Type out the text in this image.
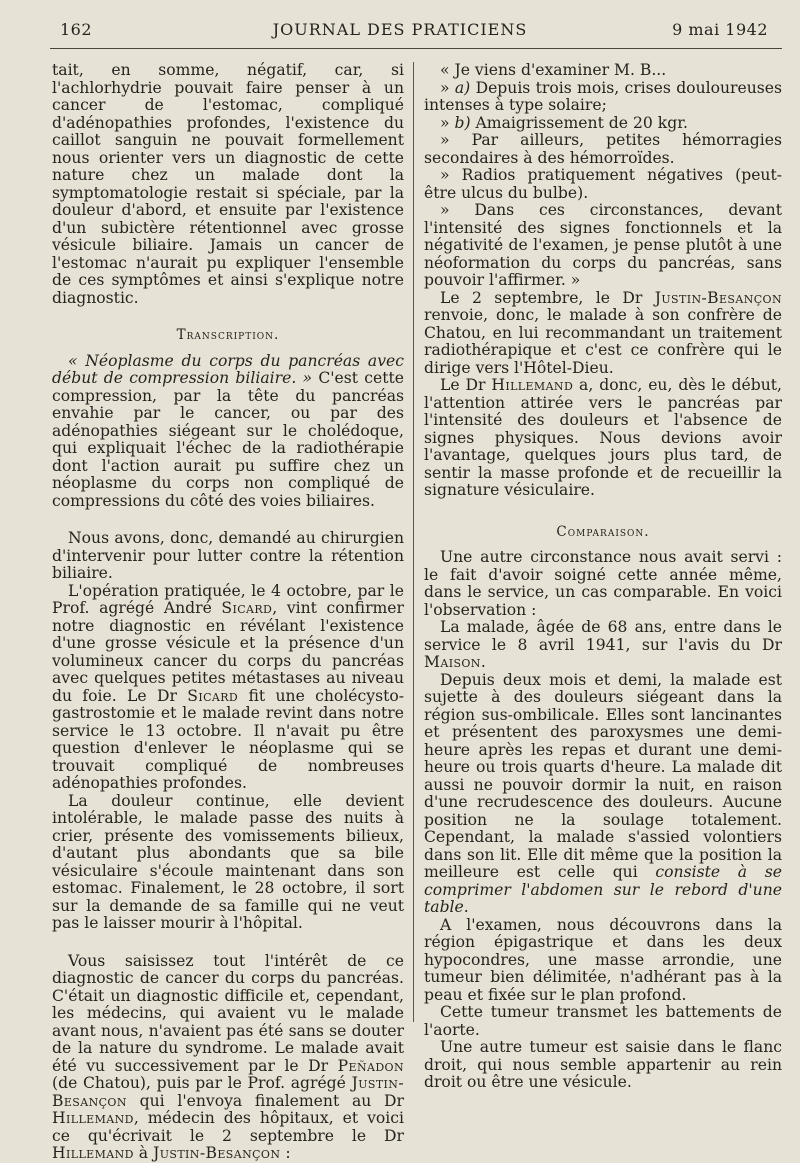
162	JOURNAL DES PRATICIENS	9 mai 1942

tait, en somme, négatif, car, si l'achlorhydrie pouvait faire penser à un cancer de l'estomac, compliqué d'adénopathies profondes, l'existence du caillot sanguin ne pouvait formellement nous orienter vers un diagnostic de cette nature chez un malade dont la symptomatologie restait si spéciale, par la douleur d'abord, et ensuite par l'existence d'un subictère rétentionnel avec grosse vésicule biliaire. Jamais un cancer de l'estomac n'aurait pu expliquer l'ensemble de ces symptômes et ainsi s'explique notre diagnostic.

Transcription.

« Néoplasme du corps du pancréas avec début de compression biliaire. » C'est cette compression, par la tête du pancréas envahie par le cancer, ou par des adénopathies siégeant sur le cholédoque, qui expliquait l'échec de la radiothérapie dont l'action aurait pu suffire chez un néoplasme du corps non compliqué de compressions du côté des voies biliaires.

Nous avons, donc, demandé au chirurgien d'intervenir pour lutter contre la rétention biliaire.

L'opération pratiquée, le 4 octobre, par le Prof. agrégé André Sicard, vint confirmer notre diagnostic en révélant l'existence d'une grosse vésicule et la présence d'un volumineux cancer du corps du pancréas avec quelques petites métastases au niveau du foie. Le Dr Sicard fit une cholécysto-gastrostomie et le malade revint dans notre service le 13 octobre. Il n'avait pu être question d'enlever le néoplasme qui se trouvait compliqué de nombreuses adénopathies profondes.

La douleur continue, elle devient intolérable, le malade passe des nuits à crier, présente des vomissements bilieux, d'autant plus abondants que sa bile vésiculaire s'écoule maintenant dans son estomac. Finalement, le 28 octobre, il sort sur la demande de sa famille qui ne veut pas le laisser mourir à l'hôpital.

Vous saisissez tout l'intérêt de ce diagnostic de cancer du corps du pancréas. C'était un diagnostic difficile et, cependant, les médecins, qui avaient vu le malade avant nous, n'avaient pas été sans se douter de la nature du syndrome. Le malade avait été vu successivement par le Dr Peñadon (de Chatou), puis par le Prof. agrégé Justin-Besançon qui l'envoya finalement au Dr Hillemand, médecin des hôpitaux, et voici ce qu'écrivait le 2 septembre le Dr Hillemand à Justin-Besançon :

« Je viens d'examiner M. B...

» a) Depuis trois mois, crises douloureuses intenses à type solaire;

» b) Amaigrissement de 20 kgr.

» Par ailleurs, petites hémorragies secondaires à des hémorroïdes.

» Radios pratiquement négatives (peut-être ulcus du bulbe).

» Dans ces circonstances, devant l'intensité des signes fonctionnels et la négativité de l'examen, je pense plutôt à une néoformation du corps du pancréas, sans pouvoir l'affirmer. »

Le 2 septembre, le Dr Justin-Besançon renvoie, donc, le malade à son confrère de Chatou, en lui recommandant un traitement radiothérapique et c'est ce confrère qui le dirige vers l'Hôtel-Dieu.

Le Dr Hillemand a, donc, eu, dès le début, l'attention attirée vers le pancréas par l'intensité des douleurs et l'absence de signes physiques. Nous devions avoir l'avantage, quelques jours plus tard, de sentir la masse profonde et de recueillir la signature vésiculaire.

Comparaison.

Une autre circonstance nous avait servi : le fait d'avoir soigné cette année même, dans le service, un cas comparable. En voici l'observation :

La malade, âgée de 68 ans, entre dans le service le 8 avril 1941, sur l'avis du Dr Maison.

Depuis deux mois et demi, la malade est sujette à des douleurs siégeant dans la région sus-ombilicale. Elles sont lancinantes et présentent des paroxysmes une demi-heure après les repas et durant une demi-heure ou trois quarts d'heure. La malade dit aussi ne pouvoir dormir la nuit, en raison d'une recrudescence des douleurs. Aucune position ne la soulage totalement. Cependant, la malade s'assied volontiers dans son lit. Elle dit même que la position la meilleure est celle qui consiste à se comprimer l'abdomen sur le rebord d'une table.

A l'examen, nous découvrons dans la région épigastrique et dans les deux hypocondres, une masse arrondie, une tumeur bien délimitée, n'adhérant pas à la peau et fixée sur le plan profond.

Cette tumeur transmet les battements de l'aorte.

Une autre tumeur est saisie dans le flanc droit, qui nous semble appartenir au rein droit ou être une vésicule.
